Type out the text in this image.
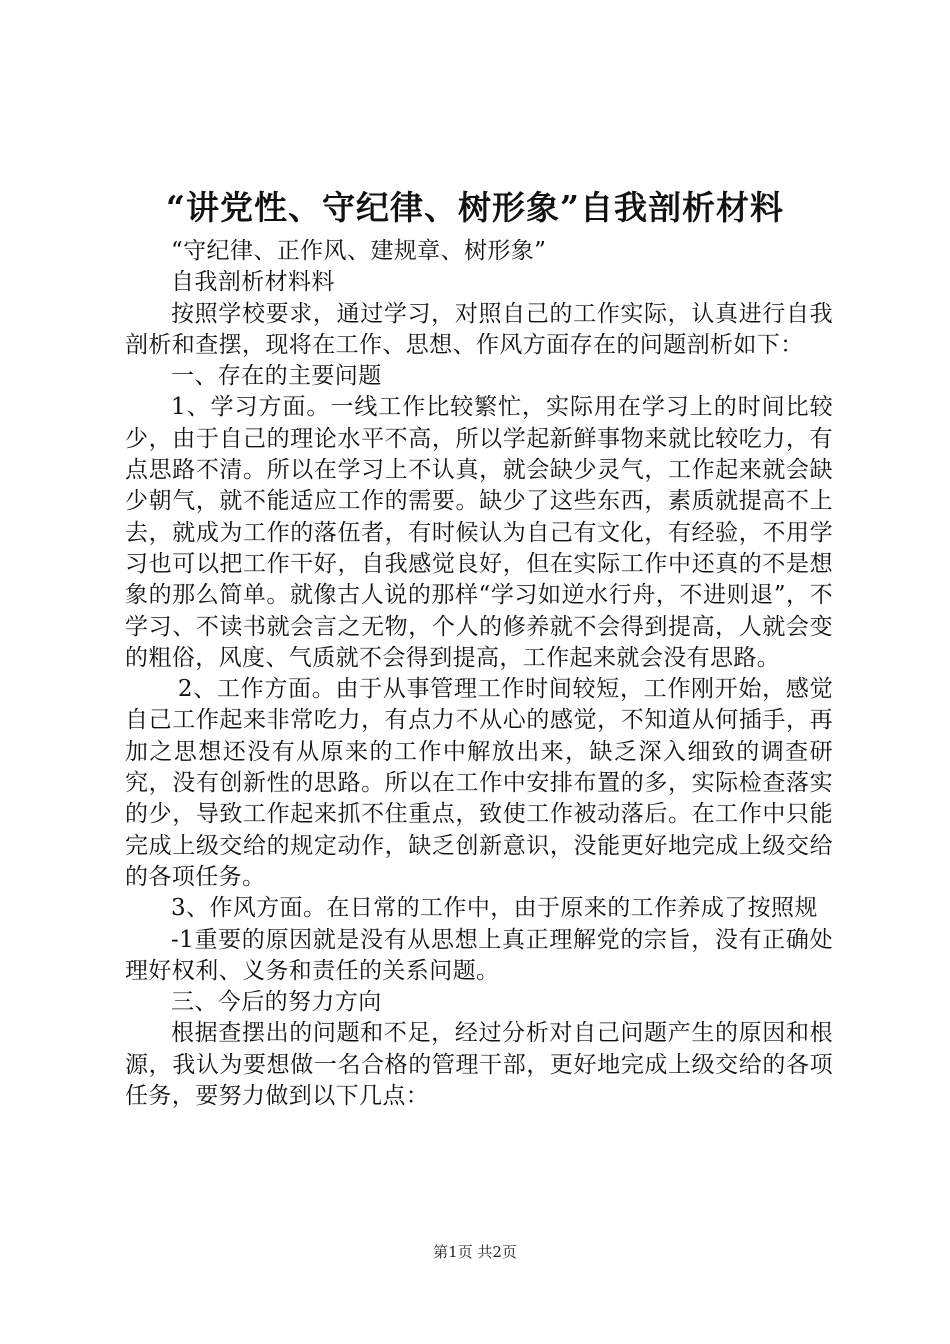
“讲党性、守纪律、树形象”自我剖析材料

“守纪律、正作风、建规章、树形象”

自我剖析材料料

按照学校要求，通过学习，对照自己的工作实际，认真进行自我剖析和查摆，现将在工作、思想、作风方面存在的问题剖析如下：

一、存在的主要问题

1、学习方面。一线工作比较繁忙，实际用在学习上的时间比较少，由于自己的理论水平不高，所以学起新鲜事物来就比较吃力，有点思路不清。所以在学习上不认真，就会缺少灵气，工作起来就会缺少朝气，就不能适应工作的需要。缺少了这些东西，素质就提高不上去，就成为工作的落伍者，有时候认为自己有文化，有经验，不用学习也可以把工作干好，自我感觉良好，但在实际工作中还真的不是想象的那么简单。就像古人说的那样“学习如逆水行舟，不进则退”，不学习、不读书就会言之无物，个人的修养就不会得到提高，人就会变的粗俗，风度、气质就不会得到提高，工作起来就会没有思路。

2、工作方面。由于从事管理工作时间较短，工作刚开始，感觉自己工作起来非常吃力，有点力不从心的感觉，不知道从何插手，再加之思想还没有从原来的工作中解放出来，缺乏深入细致的调查研究，没有创新性的思路。所以在工作中安排布置的多，实际检查落实的少，导致工作起来抓不住重点，致使工作被动落后。在工作中只能完成上级交给的规定动作，缺乏创新意识，没能更好地完成上级交给的各项任务。

3、作风方面。在日常的工作中，由于原来的工作养成了按照规

-1重要的原因就是没有从思想上真正理解党的宗旨，没有正确处理好权利、义务和责任的关系问题。

三、今后的努力方向

根据查摆出的问题和不足，经过分析对自己问题产生的原因和根源，我认为要想做一名合格的管理干部，更好地完成上级交给的各项任务，要努力做到以下几点：

第1页 共2页
